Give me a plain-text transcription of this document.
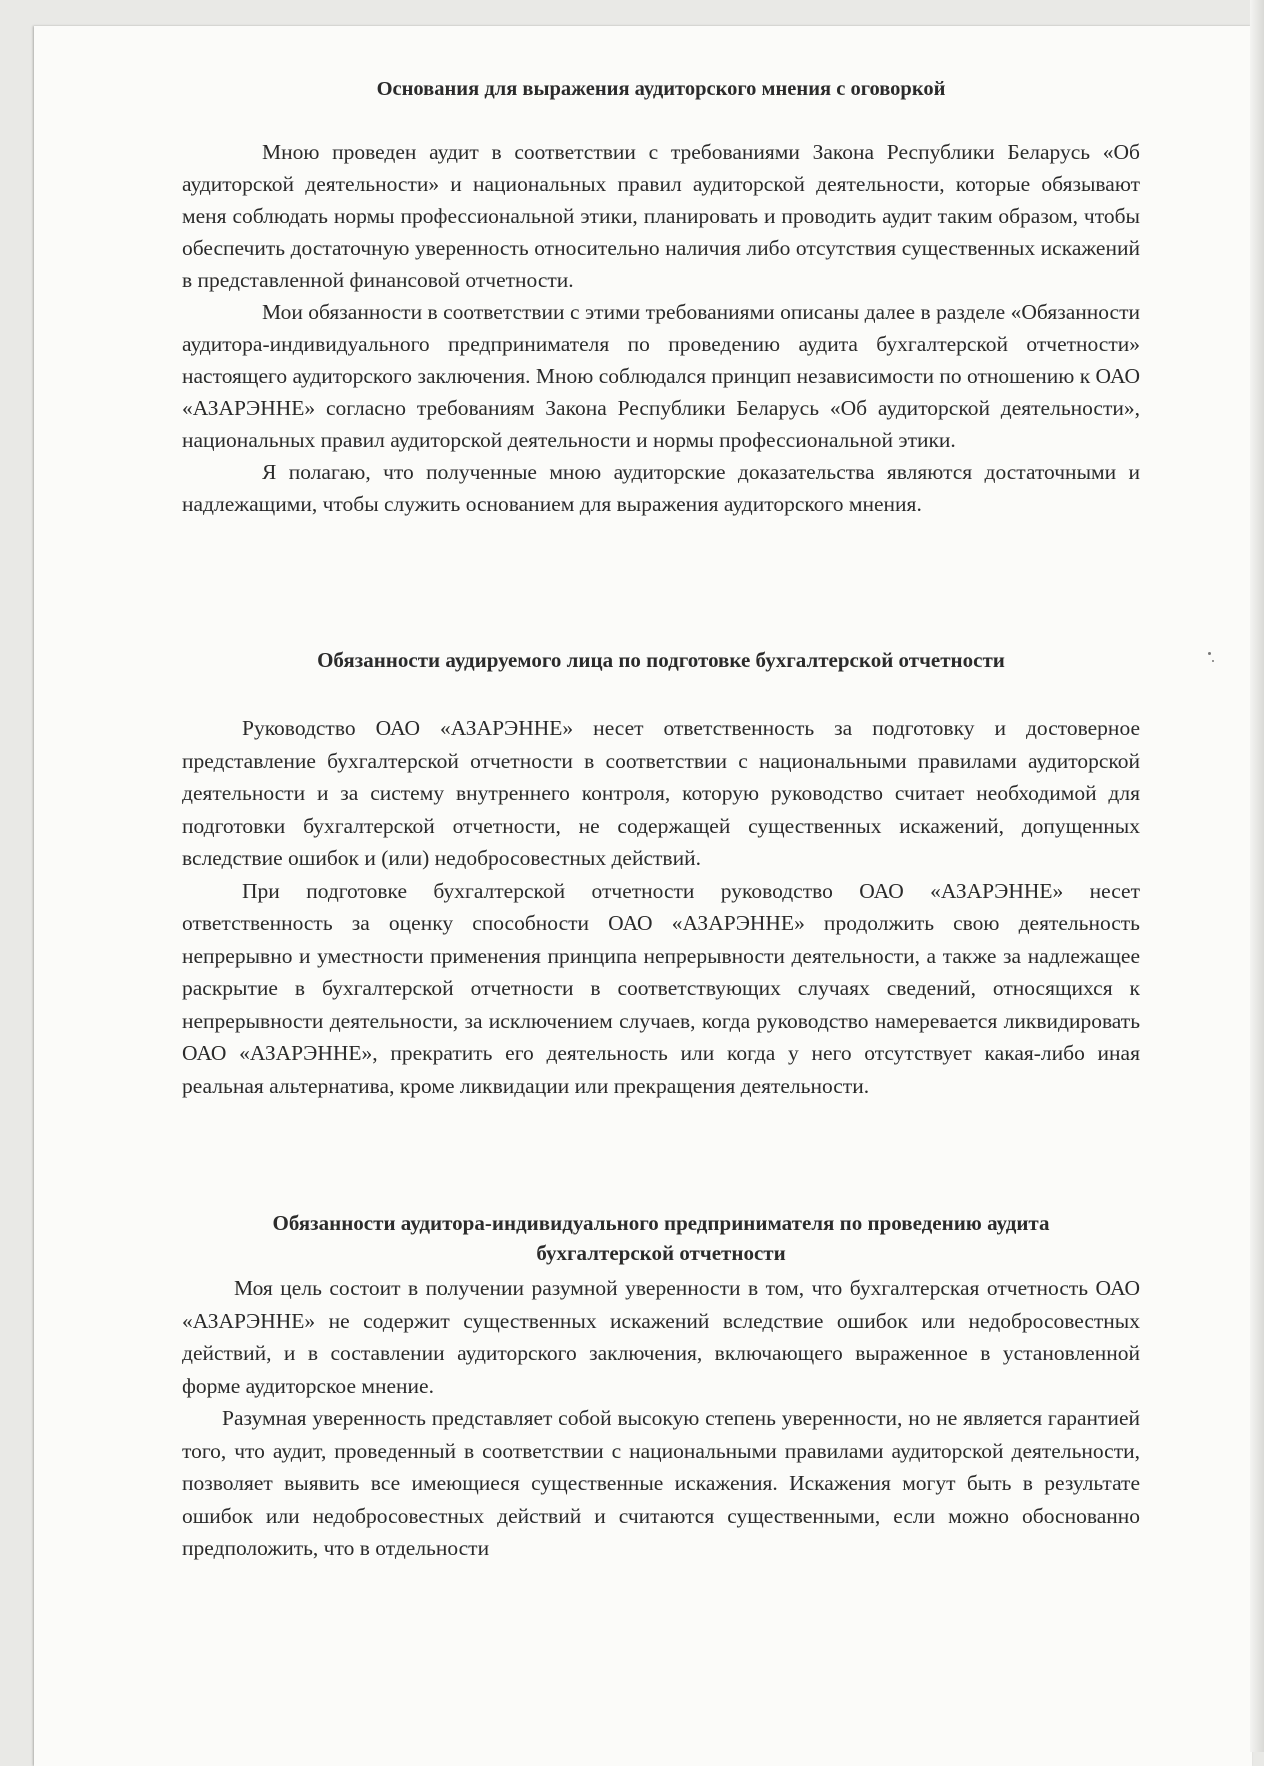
Основания для выражения аудиторского мнения с оговоркой

Мною проведен аудит в соответствии с требованиями Закона Республики Беларусь «Об аудиторской деятельности» и национальных правил аудиторской деятельности, которые обязывают меня соблюдать нормы профессиональной этики, планировать и проводить аудит таким образом, чтобы обеспечить достаточную уверенность относительно наличия либо отсутствия существенных искажений в представленной финансовой отчетности.

Мои обязанности в соответствии с этими требованиями описаны далее в разделе «Обязанности аудитора-индивидуального предпринимателя по проведению аудита бухгалтерской отчетности» настоящего аудиторского заключения. Мною соблюдался принцип независимости по отношению к ОАО «АЗАРЭННЕ» согласно требованиям Закона Республики Беларусь «Об аудиторской деятельности», национальных правил аудиторской деятельности и нормы профессиональной этики.

Я полагаю, что полученные мною аудиторские доказательства являются достаточными и надлежащими, чтобы служить основанием для выражения аудиторского мнения.

Обязанности аудируемого лица по подготовке бухгалтерской отчетности

Руководство ОАО «АЗАРЭННЕ» несет ответственность за подготовку и достоверное представление бухгалтерской отчетности в соответствии с национальными правилами аудиторской деятельности и за систему внутреннего контроля, которую руководство считает необходимой для подготовки бухгалтерской отчетности, не содержащей существенных искажений, допущенных вследствие ошибок и (или) недобросовестных действий.

При подготовке бухгалтерской отчетности руководство ОАО «АЗАРЭННЕ» несет ответственность за оценку способности ОАО «АЗАРЭННЕ» продолжить свою деятельность непрерывно и уместности применения принципа непрерывности деятельности, а также за надлежащее раскрытие в бухгалтерской отчетности в соответствующих случаях сведений, относящихся к непрерывности деятельности, за исключением случаев, когда руководство намеревается ликвидировать ОАО «АЗАРЭННЕ», прекратить его деятельность или когда у него отсутствует какая-либо иная реальная альтернатива, кроме ликвидации или прекращения деятельности.

Обязанности аудитора-индивидуального предпринимателя по проведению аудита
бухгалтерской отчетности

Моя цель состоит в получении разумной уверенности в том, что бухгалтерская отчетность ОАО «АЗАРЭННЕ» не содержит существенных искажений вследствие ошибок или недобросовестных действий, и в составлении аудиторского заключения, включающего выраженное в установленной форме аудиторское мнение.

Разумная уверенность представляет собой высокую степень уверенности, но не является гарантией того, что аудит, проведенный в соответствии с национальными правилами аудиторской деятельности, позволяет выявить все имеющиеся существенные искажения. Искажения могут быть в результате ошибок или недобросовестных действий и считаются существенными, если можно обоснованно предположить, что в отдельности
